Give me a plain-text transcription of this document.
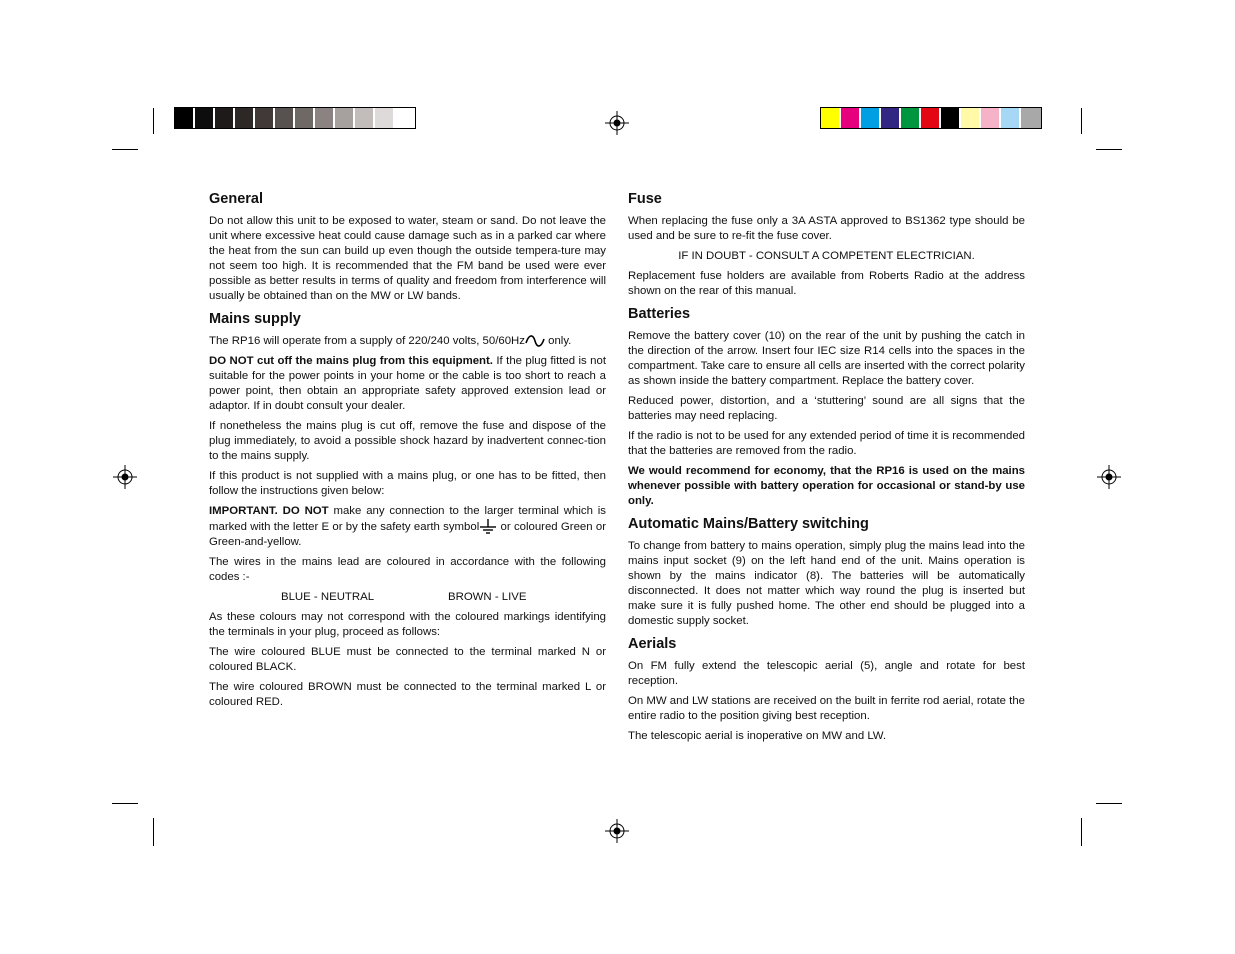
General

Do not allow this unit to be exposed to water, steam or sand. Do not leave the unit where excessive heat could cause damage such as in a parked car where the heat from the sun can build up even though the outside tempera-ture may not seem too high. It is recommended that the FM band be used were ever possible as better results in terms of quality and freedom from interference will usually be obtained than on the MW or LW bands.

Mains supply

The RP16 will operate from a supply of 220/240 volts, 50/60Hz only.

DO NOT cut off the mains plug from this equipment. If the plug fitted is not suitable for the power points in your home or the cable is too short to reach a power point, then obtain an appropriate safety approved extension lead or adaptor. If in doubt consult your dealer.

If nonetheless the mains plug is cut off, remove the fuse and dispose of the plug immediately, to avoid a possible shock hazard by inadvertent connec-tion to the mains supply.

If this product is not supplied with a mains plug, or one has to be fitted, then follow the instructions given below:

IMPORTANT. DO NOT make any connection to the larger terminal which is marked with the letter E or by the safety earth symbol or coloured Green or Green-and-yellow.

The wires in the mains lead are coloured in accordance with the following codes :-

BLUE - NEUTRAL	BROWN - LIVE

As these colours may not correspond with the coloured markings identifying the terminals in your plug, proceed as follows:

The wire coloured BLUE must be connected to the terminal marked N or coloured BLACK.

The wire coloured BROWN must be connected to the terminal marked L or coloured RED.

Fuse

When replacing the fuse only a 3A ASTA approved to BS1362 type should be used and be sure to re-fit the fuse cover.

IF IN DOUBT - CONSULT A COMPETENT ELECTRICIAN.

Replacement fuse holders are available from Roberts Radio at the address shown on the rear of this manual.

Batteries

Remove the battery cover (10) on the rear of the unit by pushing the catch in the direction of the arrow. Insert four IEC size R14 cells into the spaces in the compartment. Take care to ensure all cells are inserted with the correct polarity as shown inside the battery compartment. Replace the battery cover.

Reduced power, distortion, and a ‘stuttering’ sound are all signs that the batteries may need replacing.

If the radio is not to be used for any extended period of time it is recommended that the batteries are removed from the radio.

We would recommend for economy, that the RP16 is used on the mains whenever possible with battery operation for occasional or stand-by use only.

Automatic Mains/Battery switching

To change from battery to mains operation, simply plug the mains lead into the mains input socket (9) on the left hand end of the unit. Mains operation is shown by the mains indicator (8). The batteries will be automatically disconnected. It does not matter which way round the plug is inserted but make sure it is fully pushed home. The other end should be plugged into a domestic supply socket.

Aerials

On FM fully extend the telescopic aerial (5), angle and rotate for best reception.

On MW and LW stations are received on the built in ferrite rod aerial, rotate the entire radio to the position giving best reception.

The telescopic aerial is inoperative on MW and LW.
